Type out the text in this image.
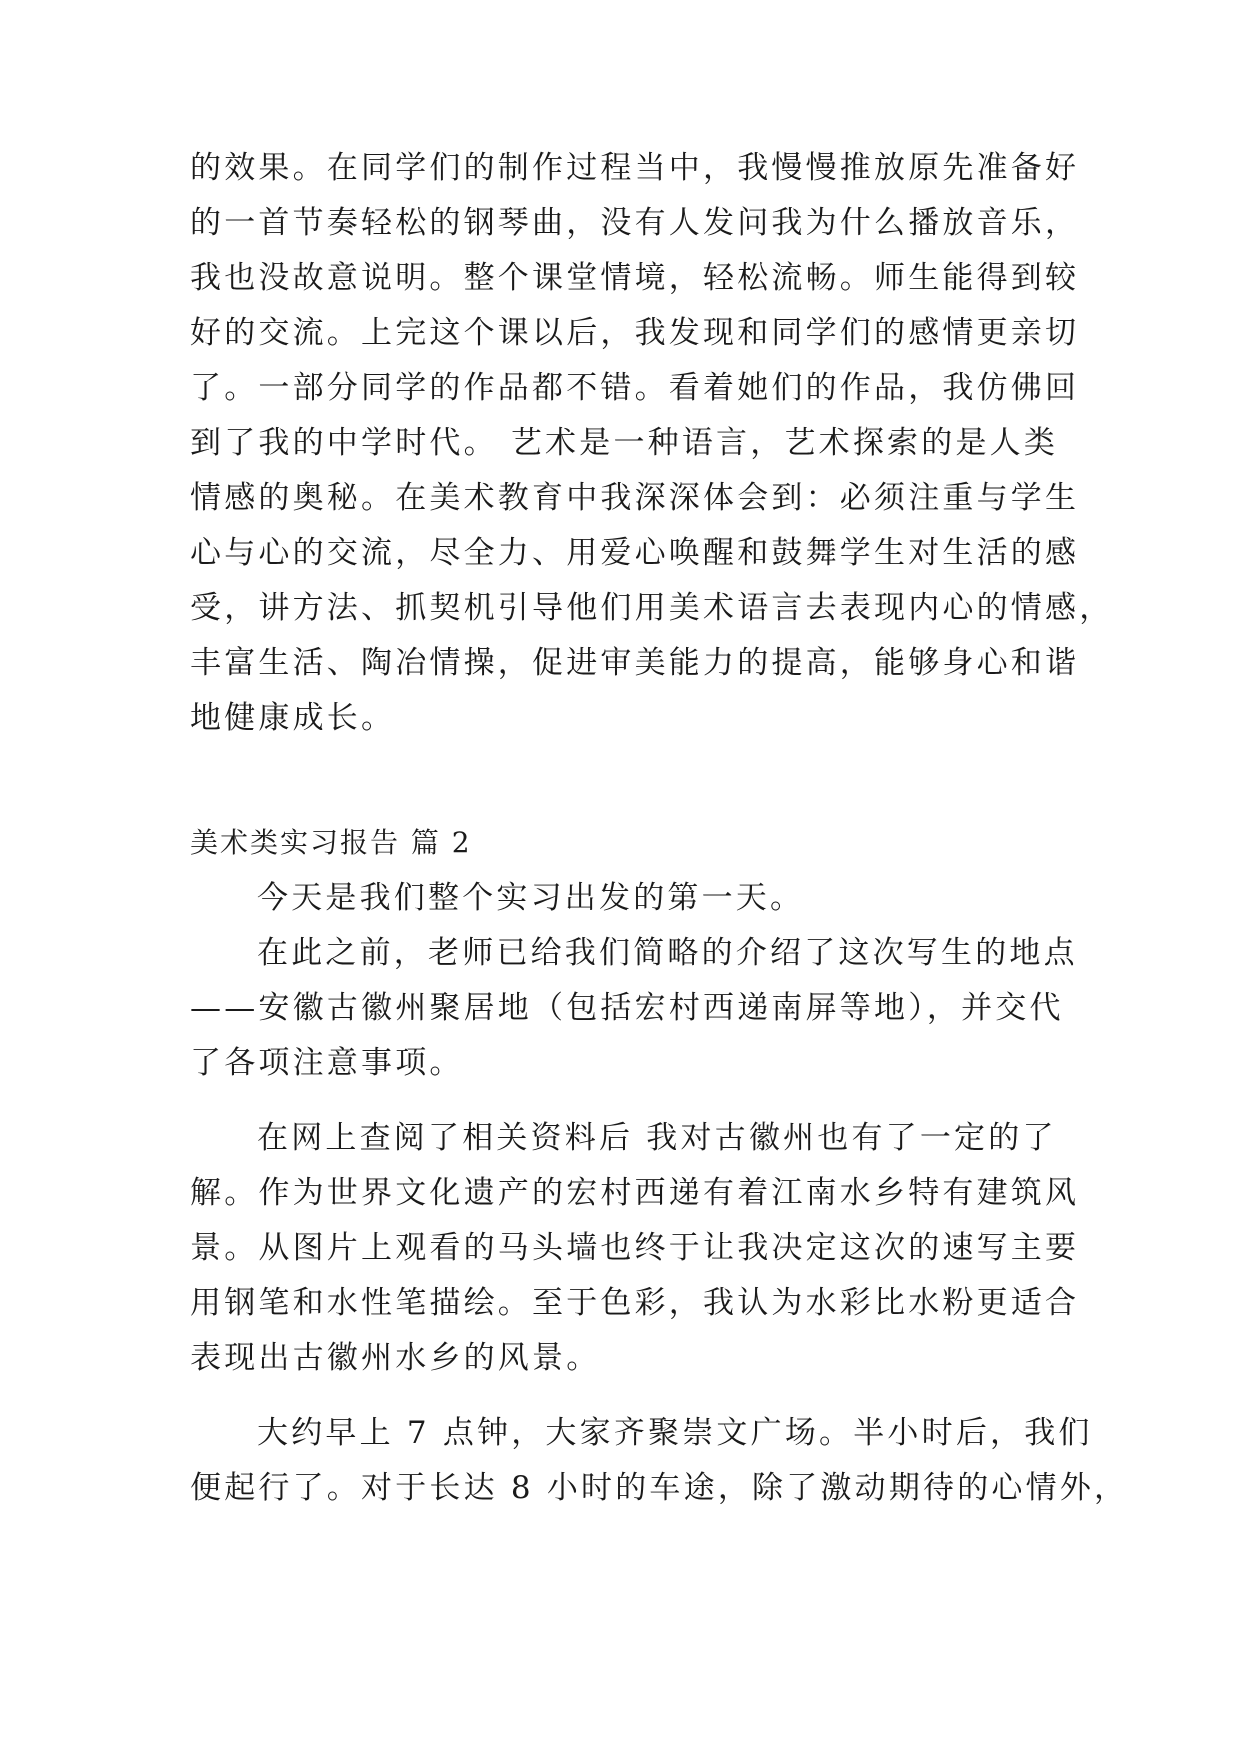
的效果。在同学们的制作过程当中，我慢慢推放原先准备好
的一首节奏轻松的钢琴曲，没有人发问我为什么播放音乐，
我也没故意说明。整个课堂情境，轻松流畅。师生能得到较
好的交流。上完这个课以后，我发现和同学们的感情更亲切
了。一部分同学的作品都不错。看着她们的作品，我仿佛回
到了我的中学时代。 艺术是一种语言，艺术探索的是人类
情感的奥秘。在美术教育中我深深体会到：必须注重与学生
心与心的交流，尽全力、用爱心唤醒和鼓舞学生对生活的感
受，讲方法、抓契机引导他们用美术语言去表现内心的情感，
丰富生活、陶冶情操，促进审美能力的提高，能够身心和谐
地健康成长。
美术类实习报告 篇 2
今天是我们整个实习出发的第一天。
在此之前，老师已给我们简略的介绍了这次写生的地点
——安徽古徽州聚居地（包括宏村西递南屏等地），并交代
了各项注意事项。
在网上查阅了相关资料后 我对古徽州也有了一定的了
解。作为世界文化遗产的宏村西递有着江南水乡特有建筑风
景。从图片上观看的马头墙也终于让我决定这次的速写主要
用钢笔和水性笔描绘。至于色彩，我认为水彩比水粉更适合
表现出古徽州水乡的风景。
大约早上 7 点钟，大家齐聚崇文广场。半小时后，我们
便起行了。对于长达 8 小时的车途，除了激动期待的心情外，
